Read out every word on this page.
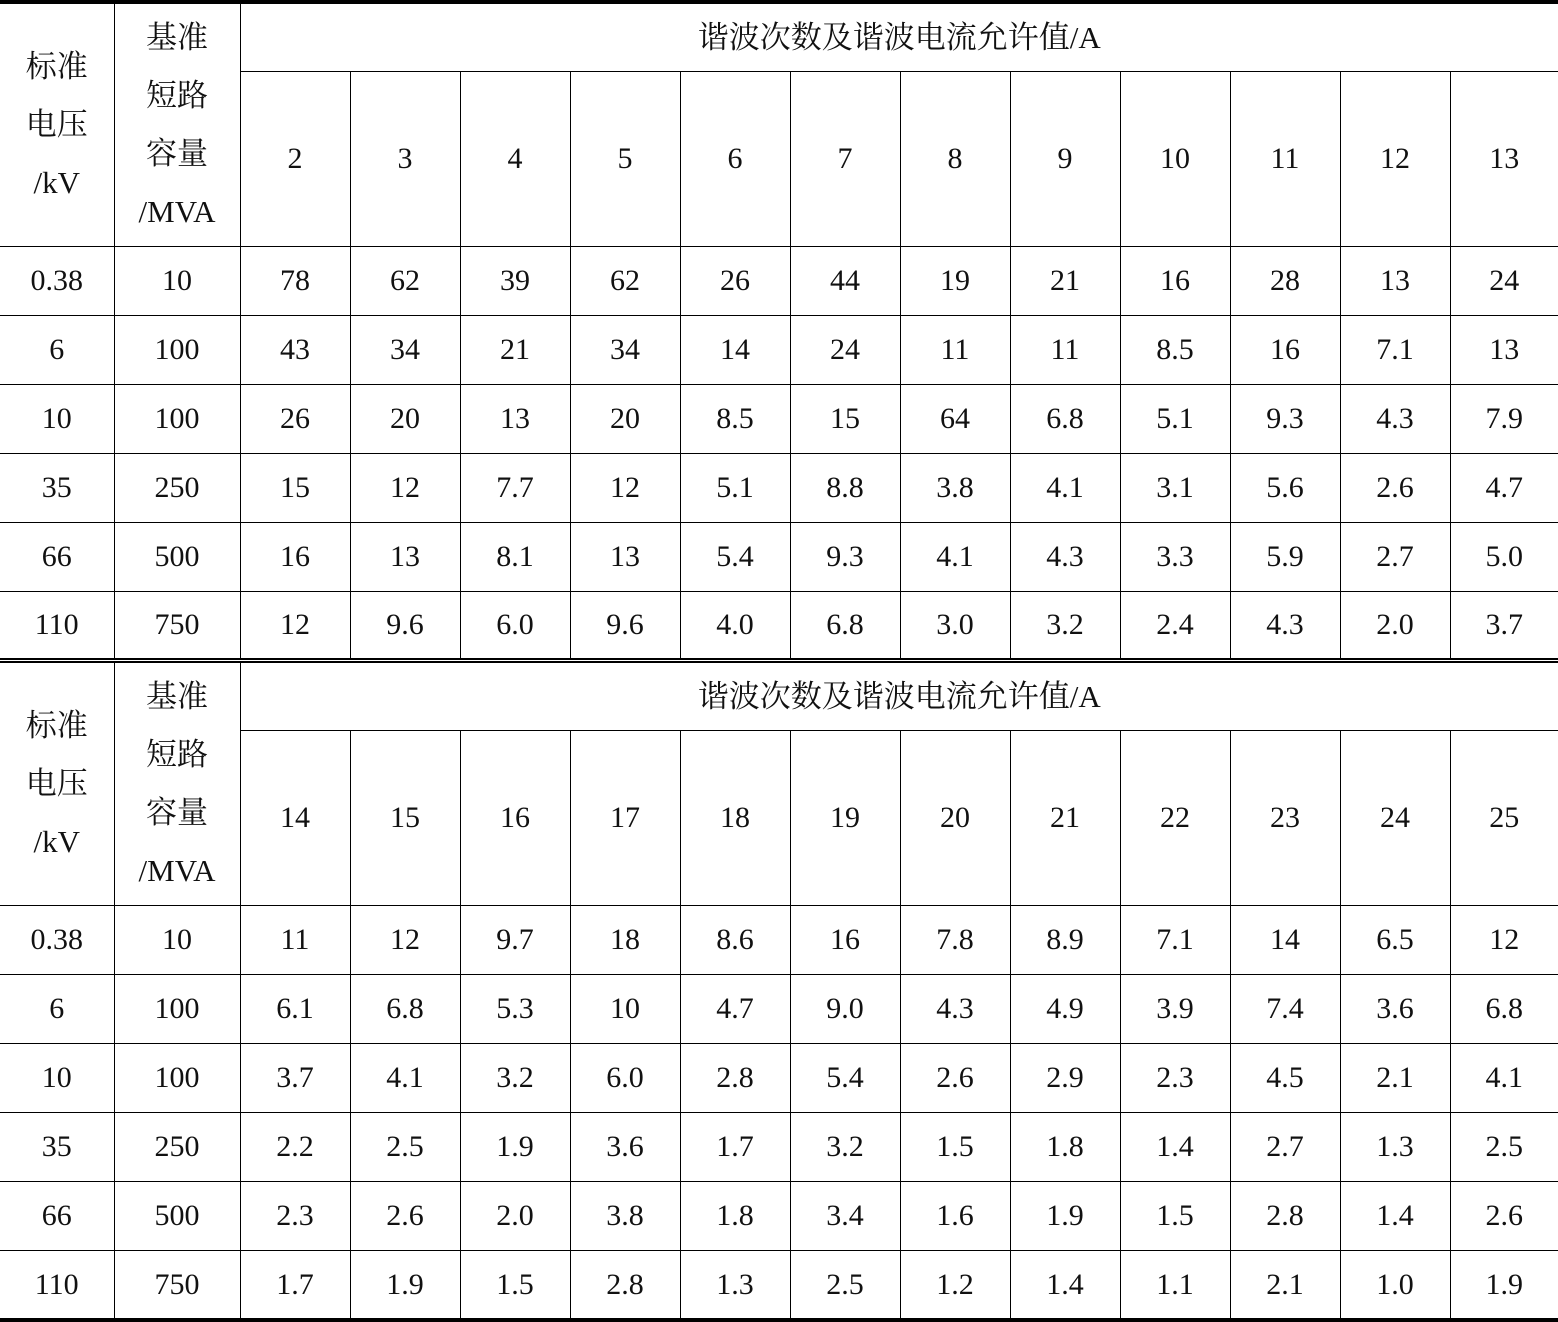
标准
电压
/kV	基准
短路
容量
/MVA	谐波次数及谐波电流允许值/A											
		2	3	4	5	6	7	8	9	10	11	12	13
0.38	10	78	62	39	62	26	44	19	21	16	28	13	24
6	100	43	34	21	34	14	24	11	11	8.5	16	7.1	13
10	100	26	20	13	20	8.5	15	64	6.8	5.1	9.3	4.3	7.9
35	250	15	12	7.7	12	5.1	8.8	3.8	4.1	3.1	5.6	2.6	4.7
66	500	16	13	8.1	13	5.4	9.3	4.1	4.3	3.3	5.9	2.7	5.0
110	750	12	9.6	6.0	9.6	4.0	6.8	3.0	3.2	2.4	4.3	2.0	3.7
标准
电压
/kV	基准
短路
容量
/MVA	谐波次数及谐波电流允许值/A											
		14	15	16	17	18	19	20	21	22	23	24	25
0.38	10	11	12	9.7	18	8.6	16	7.8	8.9	7.1	14	6.5	12
6	100	6.1	6.8	5.3	10	4.7	9.0	4.3	4.9	3.9	7.4	3.6	6.8
10	100	3.7	4.1	3.2	6.0	2.8	5.4	2.6	2.9	2.3	4.5	2.1	4.1
35	250	2.2	2.5	1.9	3.6	1.7	3.2	1.5	1.8	1.4	2.7	1.3	2.5
66	500	2.3	2.6	2.0	3.8	1.8	3.4	1.6	1.9	1.5	2.8	1.4	2.6
110	750	1.7	1.9	1.5	2.8	1.3	2.5	1.2	1.4	1.1	2.1	1.0	1.9
